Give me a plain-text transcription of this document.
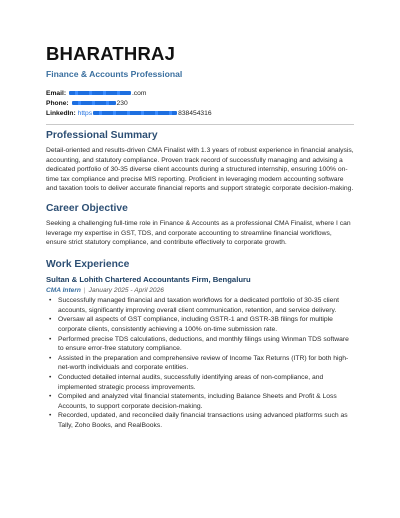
BHARATHRAJ
Finance & Accounts Professional
Email:	.com
Phone:	230
LinkedIn: https	838454316
Professional Summary

Detail-oriented and results-driven CMA Finalist with 1.3 years of robust experience in financial analysis, accounting, and statutory compliance. Proven track record of successfully managing and advising a dedicated portfolio of 30-35 diverse client accounts during a structured internship, ensuring 100% on-time tax compliance and precise MIS reporting. Proficient in leveraging modern accounting software and taxation tools to deliver accurate financial reports and support strategic corporate decision-making.

Career Objective

Seeking a challenging full-time role in Finance & Accounts as a professional CMA Finalist, where I can leverage my expertise in GST, TDS, and corporate accounting to streamline financial workflows, ensure strict statutory compliance, and contribute effectively to corporate growth.

Work Experience
Sultan & Lohith Chartered Accountants Firm, Bengaluru
CMA Intern | January 2025 - April 2026
• Successfully managed financial and taxation workflows for a dedicated portfolio of 30-35 client accounts, significantly improving overall client communication, retention, and service delivery.
• Oversaw all aspects of GST compliance, including GSTR-1 and GSTR-3B filings for multiple corporate clients, consistently achieving a 100% on-time submission rate.
• Performed precise TDS calculations, deductions, and monthly filings using Winman TDS software to ensure error-free statutory compliance.
• Assisted in the preparation and comprehensive review of Income Tax Returns (ITR) for both high-net-worth individuals and corporate entities.
• Conducted detailed internal audits, successfully identifying areas of non-compliance, and implemented strategic process improvements.
• Compiled and analyzed vital financial statements, including Balance Sheets and Profit & Loss Accounts, to support corporate decision-making.
• Recorded, updated, and reconciled daily financial transactions using advanced platforms such as Tally, Zoho Books, and RealBooks.
